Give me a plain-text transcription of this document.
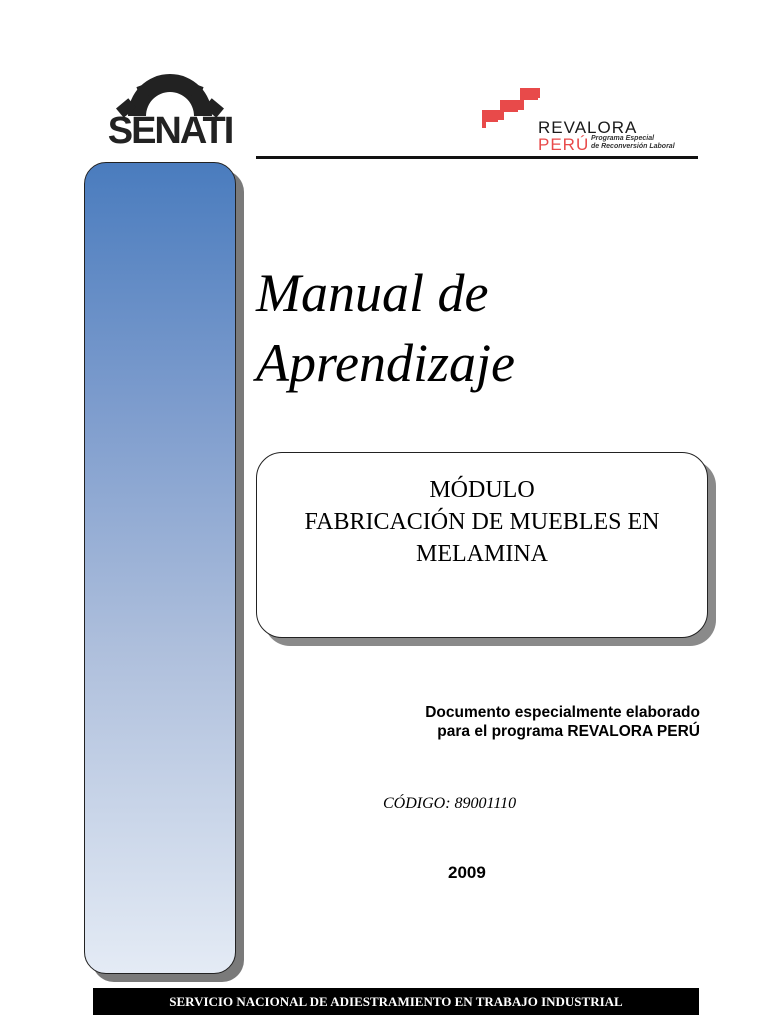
SENATI	REVALORA
PERÚ Programa Especial
de Reconversión Laboral
Manual de
Aprendizaje
MÓDULO
FABRICACIÓN DE MUEBLES EN
MELAMINA
Documento especialmente elaborado
para el programa REVALORA PERÚ
CÓDIGO: 89001110
2009
SERVICIO NACIONAL DE ADIESTRAMIENTO EN TRABAJO INDUSTRIAL
